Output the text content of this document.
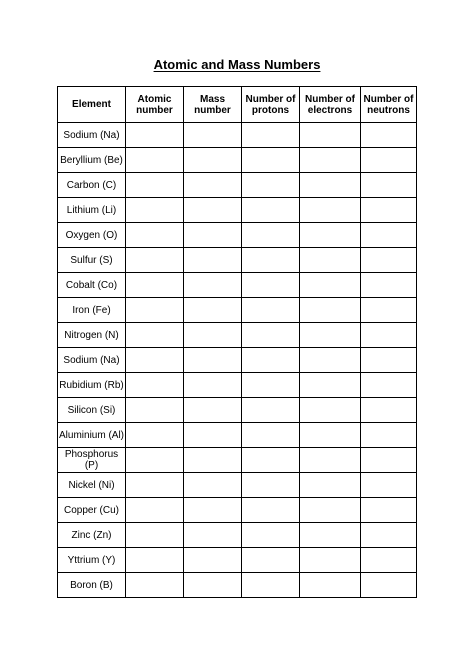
Atomic and Mass Numbers
Element	Atomic number	Mass number	Number of protons	Number of electrons	Number of neutrons
Sodium (Na)					
Beryllium (Be)					
Carbon (C)					
Lithium (Li)					
Oxygen (O)					
Sulfur (S)					
Cobalt (Co)					
Iron (Fe)					
Nitrogen (N)					
Sodium (Na)					
Rubidium (Rb)					
Silicon (Si)					
Aluminium (Al)					
Phosphorus (P)					
Nickel (Ni)					
Copper (Cu)					
Zinc (Zn)					
Yttrium (Y)					
Boron (B)					
